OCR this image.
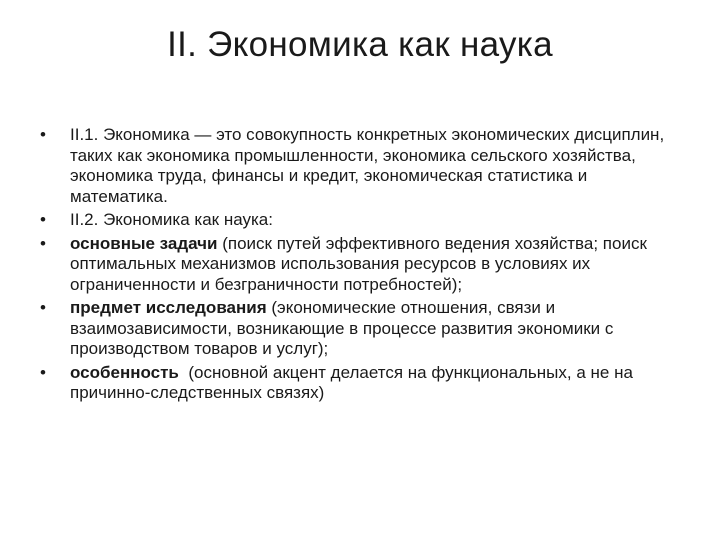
II. Экономика как наука
•	II.1. Экономика — это совокупность конкретных экономических дисциплин, таких как экономика промышленности, экономика сельского хозяйства, экономика труда, финансы и кредит, экономическая статистика и математика.
•	II.2. Экономика как наука:
•	основные задачи (поиск путей эффективного ведения хозяйства; поиск оптимальных механизмов использования ресурсов в условиях их ограниченности и безграничности потребностей);
•	предмет исследования (экономические отношения, связи и взаимозависимости, возникающие в процессе развития экономики с производством товаров и услуг);
•	особенность  (основной акцент делается на функциональных, а не на причинно-следственных связях)
